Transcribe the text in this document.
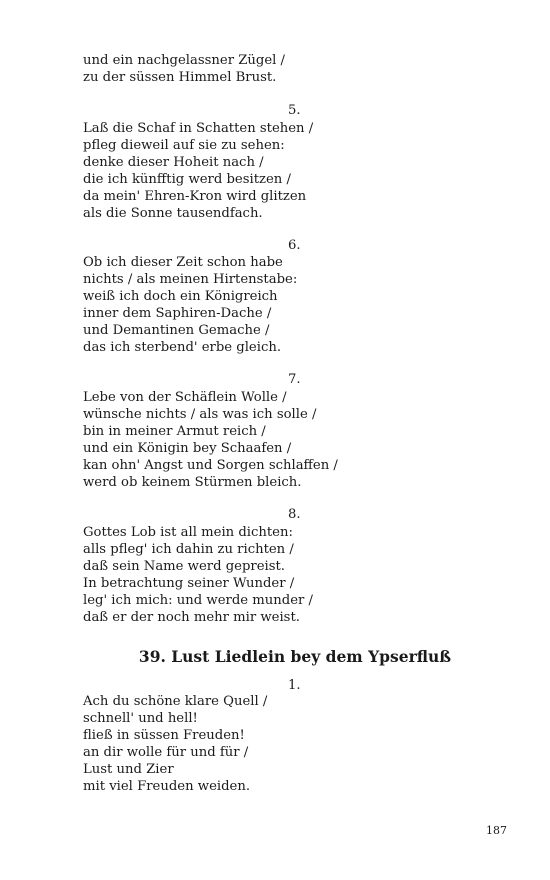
und ein nachgelassner Zügel /
zu der süssen Himmel Brust.
5.
Laß die Schaf in Schatten stehen /
pfleg dieweil auf sie zu sehen:
denke dieser Hoheit nach /
die ich künfftig werd besitzen /
da mein' Ehren-Kron wird glitzen
als die Sonne tausendfach.
6.
Ob ich dieser Zeit schon habe
nichts / als meinen Hirtenstabe:
weiß ich doch ein Königreich
inner dem Saphiren-Dache /
und Demantinen Gemache /
das ich sterbend' erbe gleich.
7.
Lebe von der Schäflein Wolle /
wünsche nichts / als was ich solle /
bin in meiner Armut reich /
und ein Königin bey Schaafen /
kan ohn' Angst und Sorgen schlaffen /
werd ob keinem Stürmen bleich.
8.
Gottes Lob ist all mein dichten:
alls pfleg' ich dahin zu richten /
daß sein Name werd gepreist.
In betrachtung seiner Wunder /
leg' ich mich: und werde munder /
daß er der noch mehr mir weist.
39. Lust Liedlein bey dem Ypserfluß
1.
Ach du schöne klare Quell /
schnell' und hell!
fließ in süssen Freuden!
an dir wolle für und für /
Lust und Zier
mit viel Freuden weiden.
187
